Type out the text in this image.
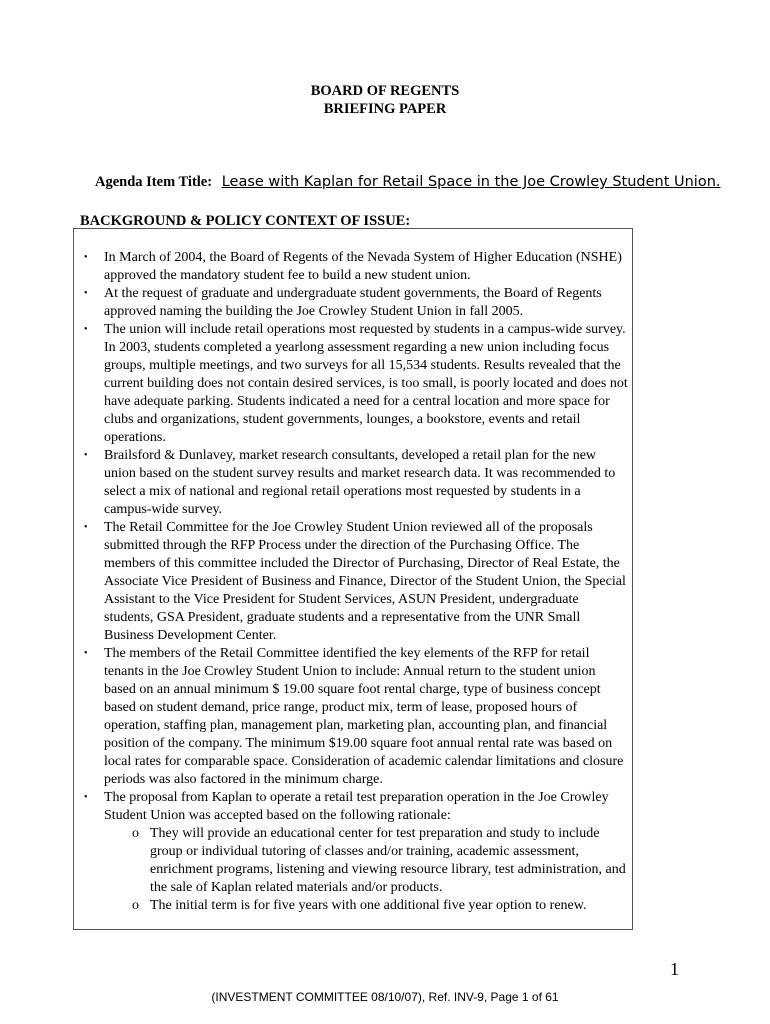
BOARD OF REGENTS
BRIEFING PAPER
Agenda Item Title: Lease with Kaplan for Retail Space in the Joe Crowley Student Union.
BACKGROUND & POLICY CONTEXT OF ISSUE:
• In March of 2004, the Board of Regents of the Nevada System of Higher Education (NSHE) approved the mandatory student fee to build a new student union.
• At the request of graduate and undergraduate student governments, the Board of Regents approved naming the building the Joe Crowley Student Union in fall 2005.
• The union will include retail operations most requested by students in a campus-wide survey. In 2003, students completed a yearlong assessment regarding a new union including focus groups, multiple meetings, and two surveys for all 15,534 students. Results revealed that the current building does not contain desired services, is too small, is poorly located and does not have adequate parking. Students indicated a need for a central location and more space for clubs and organizations, student governments, lounges, a bookstore, events and retail operations.
• Brailsford & Dunlavey, market research consultants, developed a retail plan for the new union based on the student survey results and market research data. It was recommended to select a mix of national and regional retail operations most requested by students in a campus-wide survey.
• The Retail Committee for the Joe Crowley Student Union reviewed all of the proposals submitted through the RFP Process under the direction of the Purchasing Office. The members of this committee included the Director of Purchasing, Director of Real Estate, the Associate Vice President of Business and Finance, Director of the Student Union, the Special Assistant to the Vice President for Student Services, ASUN President, undergraduate students, GSA President, graduate students and a representative from the UNR Small Business Development Center.
• The members of the Retail Committee identified the key elements of the RFP for retail tenants in the Joe Crowley Student Union to include: Annual return to the student union based on an annual minimum $ 19.00 square foot rental charge, type of business concept based on student demand, price range, product mix, term of lease, proposed hours of operation, staffing plan, management plan, marketing plan, accounting plan, and financial position of the company. The minimum $19.00 square foot annual rental rate was based on local rates for comparable space. Consideration of academic calendar limitations and closure periods was also factored in the minimum charge.
• The proposal from Kaplan to operate a retail test preparation operation in the Joe Crowley Student Union was accepted based on the following rationale:
o They will provide an educational center for test preparation and study to include group or individual tutoring of classes and/or training, academic assessment, enrichment programs, listening and viewing resource library, test administration, and the sale of Kaplan related materials and/or products.
o The initial term is for five years with one additional five year option to renew.
1
(INVESTMENT COMMITTEE 08/10/07), Ref. INV-9, Page 1 of 61
